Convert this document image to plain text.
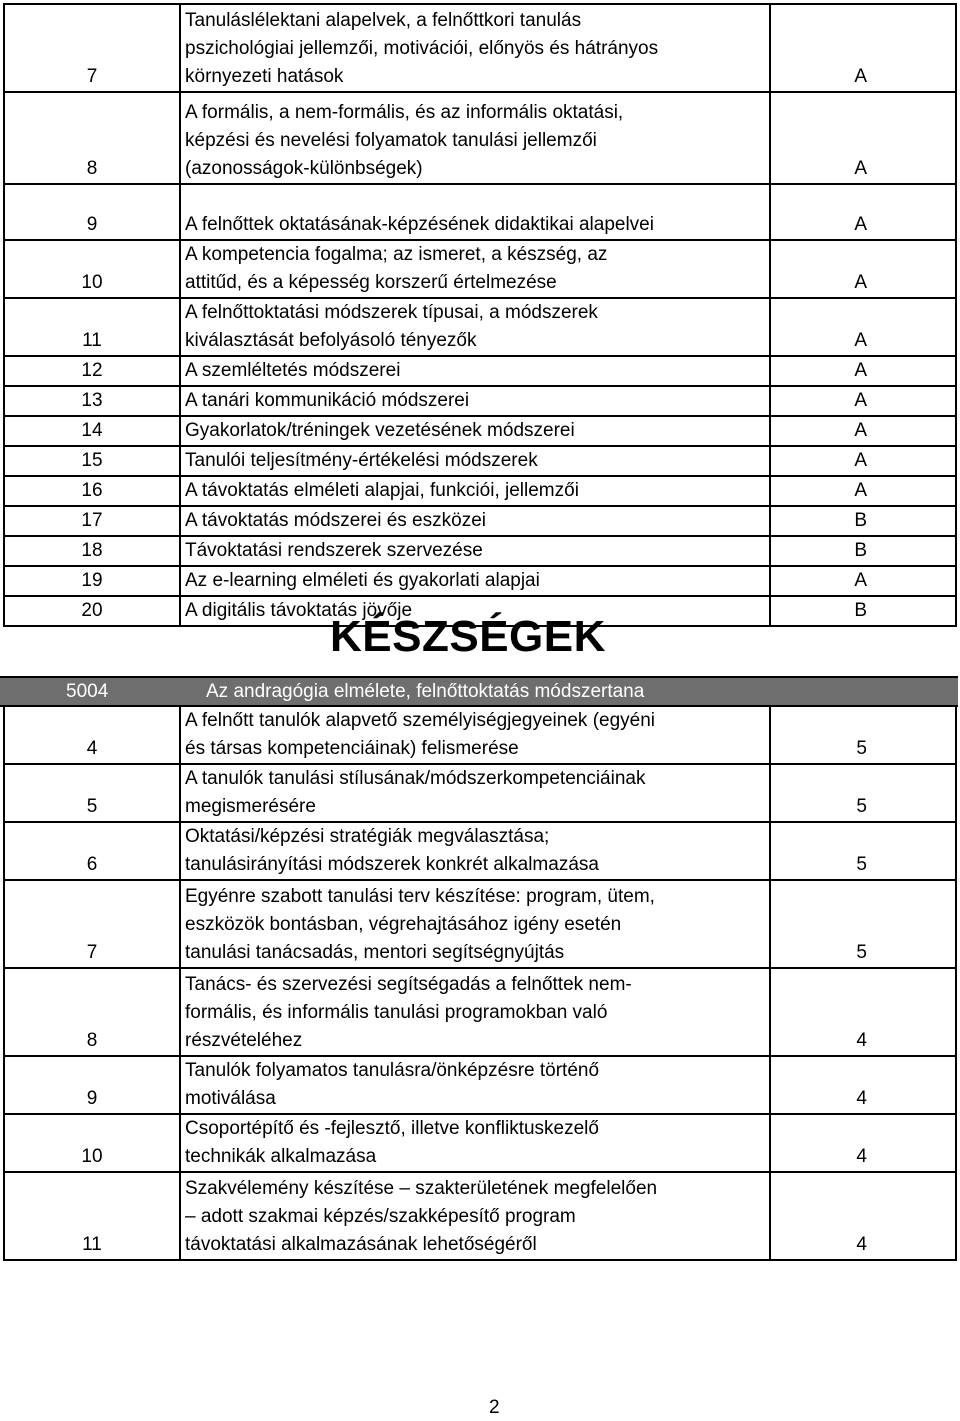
7	Tanuláslélektani alapelvek, a felnőttkori tanulás
pszichológiai jellemzői, motivációi, előnyös és hátrányos
környezeti hatások	A
8	A formális, a nem-formális, és az informális oktatási,
képzési és nevelési folyamatok tanulási jellemzői
(azonosságok-különbségek)	A
9	A felnőttek oktatásának-képzésének didaktikai alapelvei	A
10	A kompetencia fogalma; az ismeret, a készség, az
attitűd, és a képesség korszerű értelmezése	A
11	A felnőttoktatási módszerek típusai, a módszerek
kiválasztását befolyásoló tényezők	A
12	A szemléltetés módszerei	A
13	A tanári kommunikáció módszerei	A
14	Gyakorlatok/tréningek vezetésének módszerei	A
15	Tanulói teljesítmény-értékelési módszerek	A
16	A távoktatás elméleti alapjai, funkciói, jellemzői	A
17	A távoktatás módszerei és eszközei	B
18	Távoktatási rendszerek szervezése	B
19	Az e-learning elméleti és gyakorlati alapjai	A
20	A digitális távoktatás jövője	B
KÉSZSÉGEK
5004	Az andragógia elmélete, felnőttoktatás módszertana
4	A felnőtt tanulók alapvető személyiségjegyeinek (egyéni
és társas kompetenciáinak) felismerése	5
5	A tanulók tanulási stílusának/módszerkompetenciáinak
megismerésére	5
6	Oktatási/képzési stratégiák megválasztása;
tanulásirányítási módszerek konkrét alkalmazása	5
7	Egyénre szabott tanulási terv készítése: program, ütem,
eszközök bontásban, végrehajtásához igény esetén
tanulási tanácsadás, mentori segítségnyújtás	5
8	Tanács- és szervezési segítségadás a felnőttek nem-
formális, és informális tanulási programokban való
részvételéhez	4
9	Tanulók folyamatos tanulásra/önképzésre történő
motiválása	4
10	Csoportépítő és -fejlesztő, illetve konfliktuskezelő
technikák alkalmazása	4
11	Szakvélemény készítése – szakterületének megfelelően
– adott szakmai képzés/szakképesítő program
távoktatási alkalmazásának lehetőségéről	4
2
